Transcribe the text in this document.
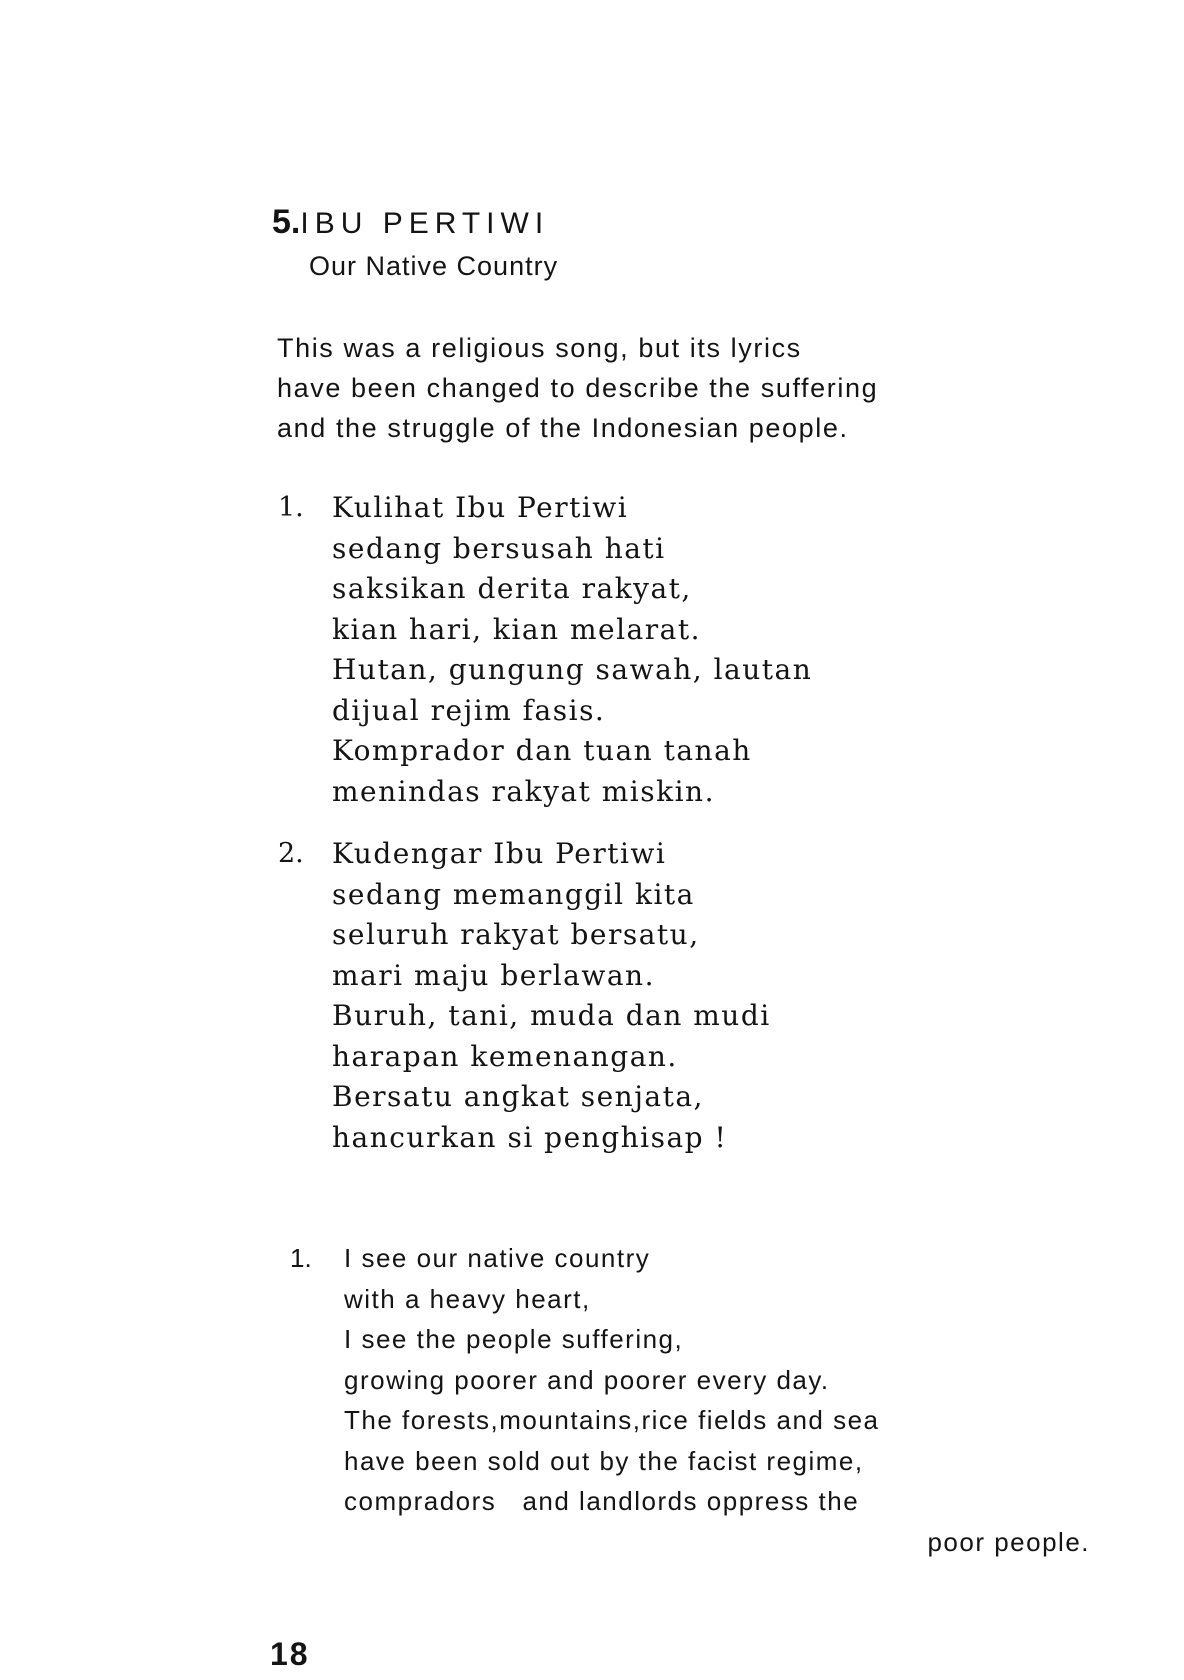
5.IBU PERTIWI
Our Native Country
This was a religious song, but its lyrics
have been changed to describe the suffering
and the struggle of the Indonesian people.
1. Kulihat Ibu Pertiwi
sedang bersusah hati
saksikan derita rakyat,
kian hari, kian melarat.
Hutan, gungung sawah, lautan
dijual rejim fasis.
Komprador dan tuan tanah
menindas rakyat miskin.
2. Kudengar Ibu Pertiwi
sedang memanggil kita
seluruh rakyat bersatu,
mari maju berlawan.
Buruh, tani, muda dan mudi
harapan kemenangan.
Bersatu angkat senjata,
hancurkan si penghisap !
1. I see our native country
with a heavy heart,
I see the people suffering,
growing poorer and poorer every day.
The forests,mountains,rice fields and sea
have been sold out by the facist regime,
compradors   and landlords oppress the
poor people.
18
